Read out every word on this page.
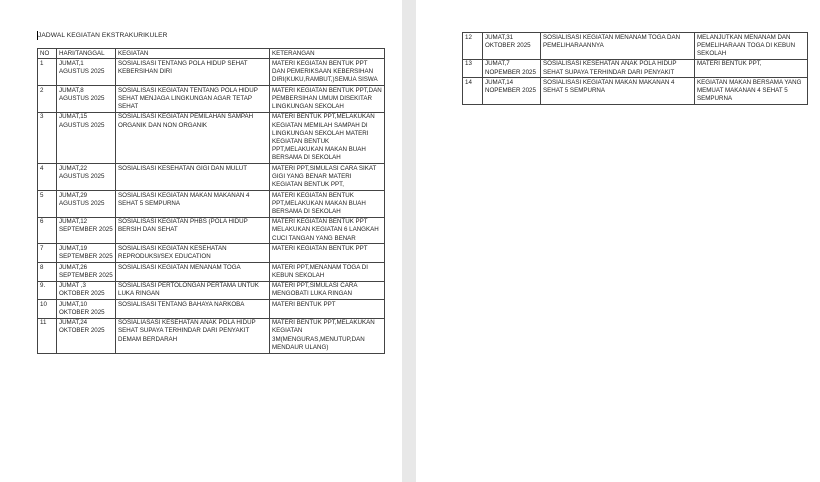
JADWAL KEGIATAN EKSTRAKURIKULER
NO	HARI/TANGGAL	KEGIATAN	KETERANGAN
1	JUMAT,1 AGUSTUS 2025	SOSIALISASI TENTANG POLA HIDUP SEHAT KEBERSIHAN DIRI	MATERI KEGIATAN BENTUK PPT DAN PEMERIKSAAN KEBERSIHAN DIRI(KUKU,RAMBUT,)SEMUA SISWA
2	JUMAT,8 AGUSTUS 2025	SOSIALISASI KEGIATAN TENTANG POLA HIDUP SEHAT MENJAGA LINGKUNGAN AGAR TETAP SEHAT	MATERI KEGIATAN BENTUK PPT,DAN PEMBERSIHAN UMUM DISEKITAR LINGKUNGAN SEKOLAH
3	JUMAT,15 AGUSTUS 2025	SOSIALISASI KEGIATAN PEMILAHAN SAMPAH ORGANIK DAN NON ORGANIK	MATERI BENTUK PPT,MELAKUKAN KEGIATAN MEMILAH SAMPAH DI LINGKUNGAN SEKOLAH MATERI KEGIATAN BENTUK PPT,MELAKUKAN MAKAN BUAH BERSAMA DI SEKOLAH
4	JUMAT,22 AGUSTUS 2025	SOSIALISASI KESEHATAN GIGI DAN MULUT	MATERI PPT,SIMULASI CARA SIKAT GIGI YANG BENAR MATERI KEGIATAN BENTUK PPT,
5	JUMAT,29 AGUSTUS 2025	SOSIALISASI KEGIATAN MAKAN MAKANAN 4 SEHAT 5 SEMPURNA	MATERI KEGIATAN BENTUK PPT,MELAKUKAN MAKAN BUAH BERSAMA DI SEKOLAH
6	JUMAT,12 SEPTEMBER 2025	SOSIALISASI KEGIATAN PHBS (POLA HIDUP BERSIH DAN SEHAT	MATERI KEGIATAN BENTUK PPT MELAKUKAN KEGIATAN 6 LANGKAH CUCI TANGAN YANG BENAR
7	JUMAT,19 SEPTEMBER 2025	SOSIALISASI KEGIATAN KESEHATAN REPRODUKSI/SEX EDUCATION	MATERI KEGIATAN BENTUK PPT
8	JUMAT,26 SEPTEMBER 2025	SOSIALISASI KEGIATAN MENANAM TOGA	MATERI PPT,MENANAM TOGA DI KEBUN SEKOLAH
9.	JUMAT ,3 OKTOBER 2025	SOSIALISASI PERTOLONGAN PERTAMA UNTUK LUKA RINGAN	MATERI PPT,SIMULASI CARA MENGOBATI LUKA RINGAN
10	JUMAT,10 OKTOBER 2025	SOSIALISASI TENTANG BAHAYA NARKOBA	MATERI BENTUK PPT
11	JUMAT,24 OKTOBER 2025	SOSIALIASASI KESEHATAN ANAK POLA HIDUP SEHAT SUPAYA TERHINDAR DARI PENYAKIT DEMAM BERDARAH	MATERI BENTUK PPT,MELAKUKAN KEGIATAN 3M(MENGURAS,MENUTUP,DAN MENDAUR ULANG)
12	JUMAT,31 OKTOBER 2025	SOSIALISASI KEGIATAN MENANAM TOGA DAN PEMELIHARAANNYA	MELANJUTKAN MENANAM DAN PEMELIHARAAN TOGA DI KEBUN SEKOLAH
13	JUMAT,7 NOPEMBER 2025	SOSIALISASI KESEHATAN ANAK POLA HIDUP SEHAT SUPAYA TERHINDAR DARI PENYAKIT	MATERI BENTUK PPT,
14	JUMAT,14 NOPEMBER 2025	SOSIALISASI KEGIATAN MAKAN MAKANAN 4 SEHAT 5 SEMPURNA	KEGIATAN MAKAN BERSAMA YANG MEMUAT MAKANAN 4 SEHAT 5 SEMPURNA
